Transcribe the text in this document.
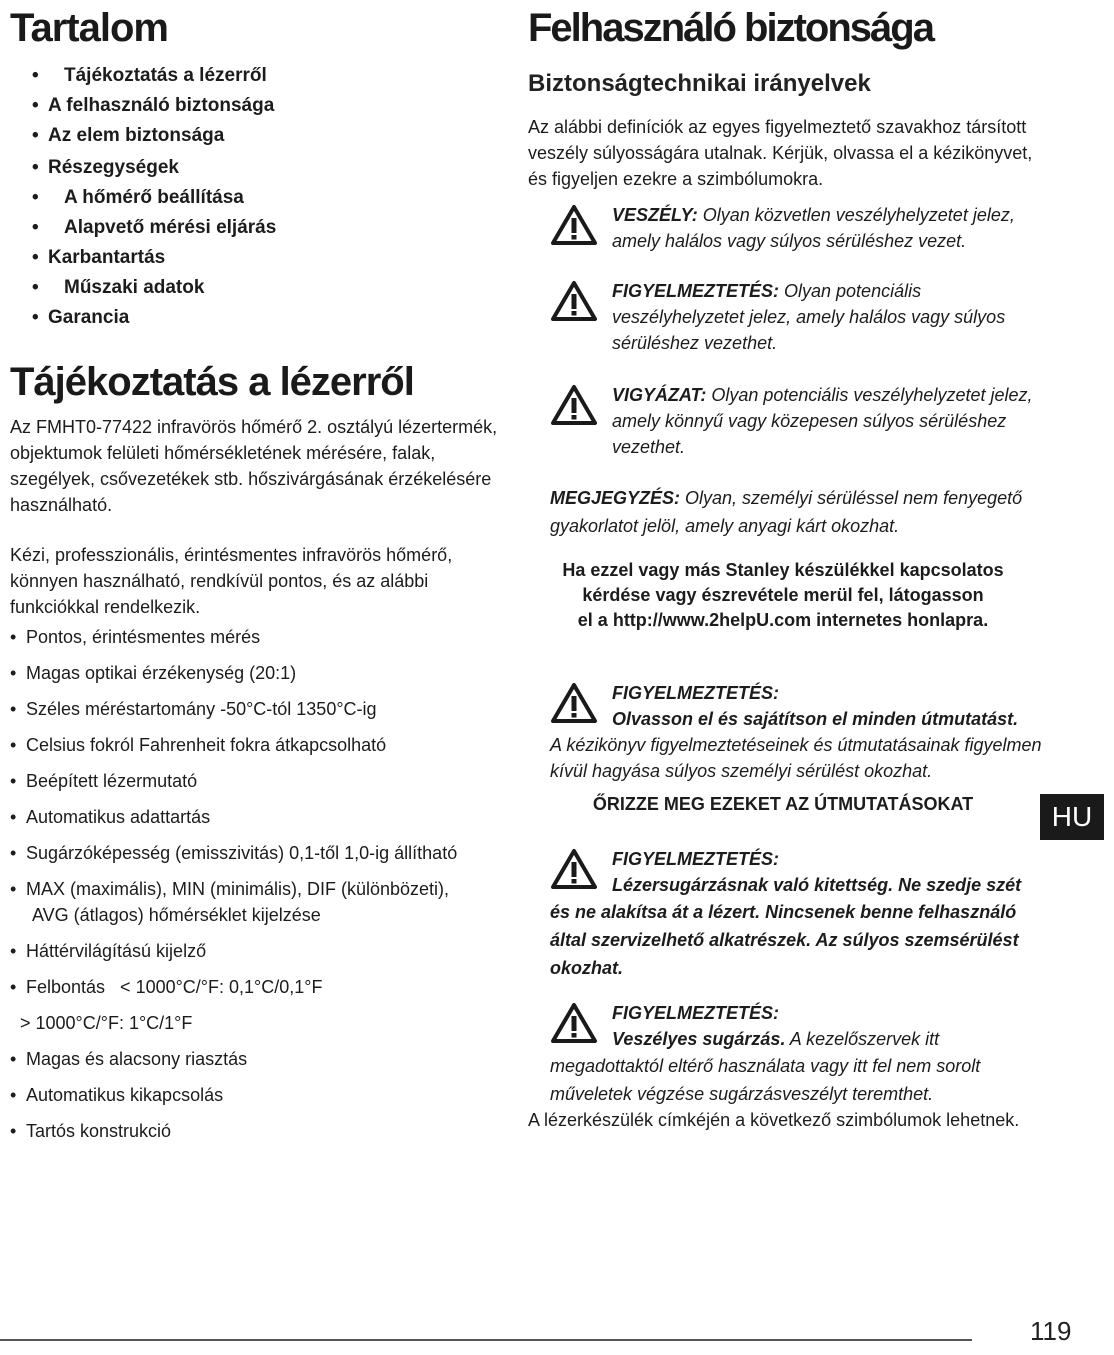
Tartalom
• Tájékoztatás a lézerről
• A felhasználó biztonsága
• Az elem biztonsága
• Részegységek
• A hőmérő beállítása
• Alapvető mérési eljárás
• Karbantartás
• Műszaki adatok
• Garancia
Tájékoztatás a lézerről
Az FMHT0-77422 infravörös hőmérő 2. osztályú lézertermék, objektumok felületi hőmérsékletének mérésére, falak, szegélyek, csővezetékek stb. hőszivárgásának érzékelésére használható.
Kézi, professzionális, érintésmentes infravörös hőmérő, könnyen használható, rendkívül pontos, és az alábbi funkciókkal rendelkezik.
• Pontos, érintésmentes mérés
• Magas optikai érzékenység (20:1)
• Széles méréstartomány -50°C-tól 1350°C-ig
• Celsius fokról Fahrenheit fokra átkapcsolható
• Beépített lézermutató
• Automatikus adattartás
• Sugárzóképesség (emisszivitás) 0,1-től 1,0-ig állítható
• MAX (maximális), MIN (minimális), DIF (különbözeti),
AVG (átlagos) hőmérséklet kijelzése
• Háttérvilágítású kijelző
• Felbontás   < 1000°C/°F: 0,1°C/0,1°F
> 1000°C/°F: 1°C/1°F
• Magas és alacsony riasztás
• Automatikus kikapcsolás
• Tartós konstrukció
Felhasználó biztonsága
Biztonságtechnikai irányelvek
Az alábbi definíciók az egyes figyelmeztető szavakhoz társított veszély súlyosságára utalnak. Kérjük, olvassa el a kézikönyvet, és figyeljen ezekre a szimbólumokra.
VESZÉLY: Olyan közvetlen veszélyhelyzetet jelez, amely halálos vagy súlyos sérüléshez vezet.
FIGYELMEZTETÉS: Olyan potenciális veszélyhelyzetet jelez, amely halálos vagy súlyos sérüléshez vezethet.
VIGYÁZAT: Olyan potenciális veszélyhelyzetet jelez, amely könnyű vagy közepesen súlyos sérüléshez vezethet.
MEGJEGYZÉS: Olyan, személyi sérüléssel nem fenyegető gyakorlatot jelöl, amely anyagi kárt okozhat.
Ha ezzel vagy más Stanley készülékkel kapcsolatos
kérdése vagy észrevétele merül fel, látogasson
el a http://www.2helpU.com internetes honlapra.
FIGYELMEZTETÉS:
Olvasson el és sajátítson el minden útmutatást.
A kézikönyv figyelmeztetéseinek és útmutatásainak figyelmen kívül hagyása súlyos személyi sérülést okozhat.
ŐRIZZE MEG EZEKET AZ ÚTMUTATÁSOKAT
FIGYELMEZTETÉS:
Lézersugárzásnak való kitettség. Ne szedje szét
és ne alakítsa át a lézert. Nincsenek benne felhasználó által szervizelhető alkatrészek. Az súlyos szemsérülést okozhat.
FIGYELMEZTETÉS:
Veszélyes sugárzás. A kezelőszervek itt
megadottaktól eltérő használata vagy itt fel nem sorolt műveletek végzése sugárzásveszélyt teremthet.
A lézerkészülék címkéjén a következő szimbólumok lehetnek.
HU
119
